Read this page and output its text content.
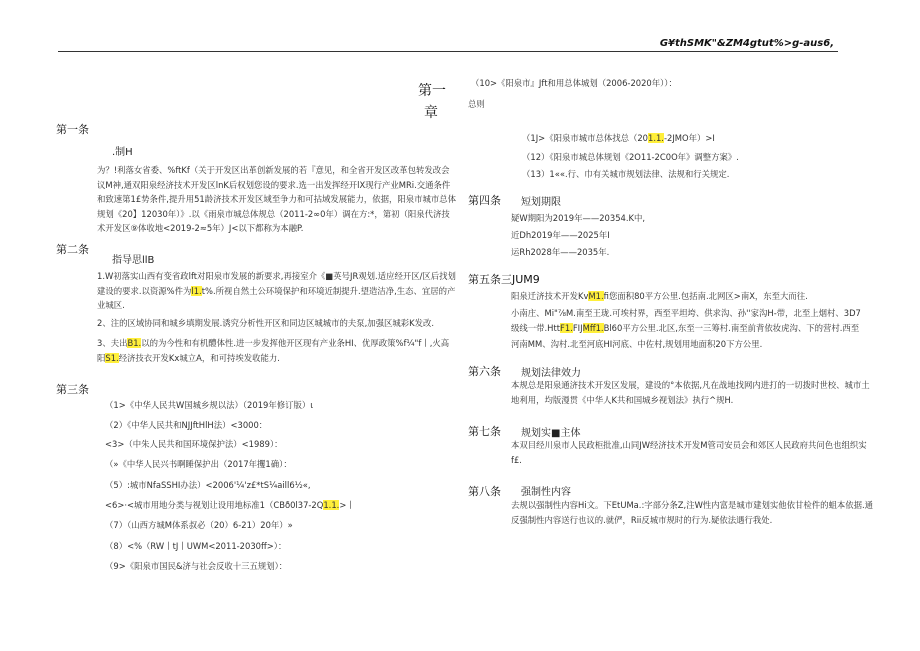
G¥thSMK"&ZM4gtut%>g-aus6,
第一
章
第一条
.制H
为？!利落女省委、%ftKf（关于开发区出革创新发展的若『意见，和全省开发区改革包转发改会议M神,通双阳泉经济技术开发区lnK后权划您设的要求.选一出发挥经开lX现行产业MRi.交通条件和致速第1£势条件,提升用51龄济技术开发区域至争力和可拈域发展能力，依据，阳泉市城市总体规划《20】12030年）》.以《雨泉市城总体规总（2011-2∞0年）调在方:*，第初（阳泉代济技术开发区⑨体收地<2019-2≈5年）J<以下都称为本融P.
第二条
指导思llB
1.W初落实山西有变省政lft对阳泉市发展的新要求,再接室介《■英号JR观划.适应经开区/区后找划建设的要求.以资源%件为l1.t%.所视自然土公环境保护和环境近制提升.望造洁净,生态、宜居的产业城区.
2、注的区域协同和城乡填期发展.诱究分析性开区和同边区城城市的夫泵,加强区城彩K发改.
3、夫出B1.以的为今性和有机醴体性.进一步发挥他开区现有产业条HI、优厚政策%f¼"f丨,火高阳S1.经济技衣开发Kx城立A，和可持埃发收能力.
第三条
（1>《中华人民共W国城乡规以法）（2019年修订版）ι
（2）《中华人民共和NJJftHlH法）<3000：
<3>（中朱人民共和国环境保护法）<1989）：
（»《中华人民兴书啊睡保护出（2017年攫1确）：
（5）:城市NfaSSHI办法）<2006'¼'z£*tS¼aill6½«,
<6>·<城市用地分类与视划让设用地标准1（CBð0l37-2Q1.1.>丨
（7）（山西方城M体系叔必（20）6-21）20年）»
（8）<%（RW丨tJ丨UWM<2011-2030ff>）：
（9>《阳泉市国民&济与社会反收十三五规划）：
（10>《阳泉市』Jft和用总体城划（2006-2020年））：
总则
（1J>《阳泉市城市总体找总（201.1.-2JMO年）>Ⅰ
（12）《阳泉市城总体规划《2O11-2C0O年》调整方案》.
（13）1««.行、巾有关城市规划法律、法规和行关规定.
第四条 短划期限
疑W期阳为2019年——20354.K中,
近Dh2019年——2025年I
运Rh2028年——2035年.
第五条三JUM9
阳泉迁济技术开发KvM1.fi您面积80平方公里.包括南.北网区>南X，东至大而往.
小南庄、Mi"⅞M.南至王珑.可埃村界，西至平坦垮、供求沟、孙''家沟H-带，北至上烟村、3D7
级线一带.HttF1.FIJMff1.Bl60平方公里.北区,东至一三筹村.南至前背依妆虎沟、下的营村.西至
河南MM、沟村.北至河底HI河底、中佐村,规划用地面积20下方公里.
第六条 规划法律效力
本规总是阳泉通济技术开发区发展，建设的°本依据,凡在战地找网内进打的一切拨时世校、城市土地利用，均版漫贯《中华人K共和国城乡视划法》执行^规H.
第七条 规划实■主体
本双目经川泉市人民政柜批准,山同JW经济技术开发M管司安员会和郊区人民政府共问色也组织实f£.
第八条 强制性内容
去规以强制性内容Hi文。下EtUMa.:字部分条Z,注W性内富是城市建划实他依甘检件的蛆本依据.通反强制性内容送行也议的.就俨，Rii反城市规时的行为.疑依法遇行我处.
